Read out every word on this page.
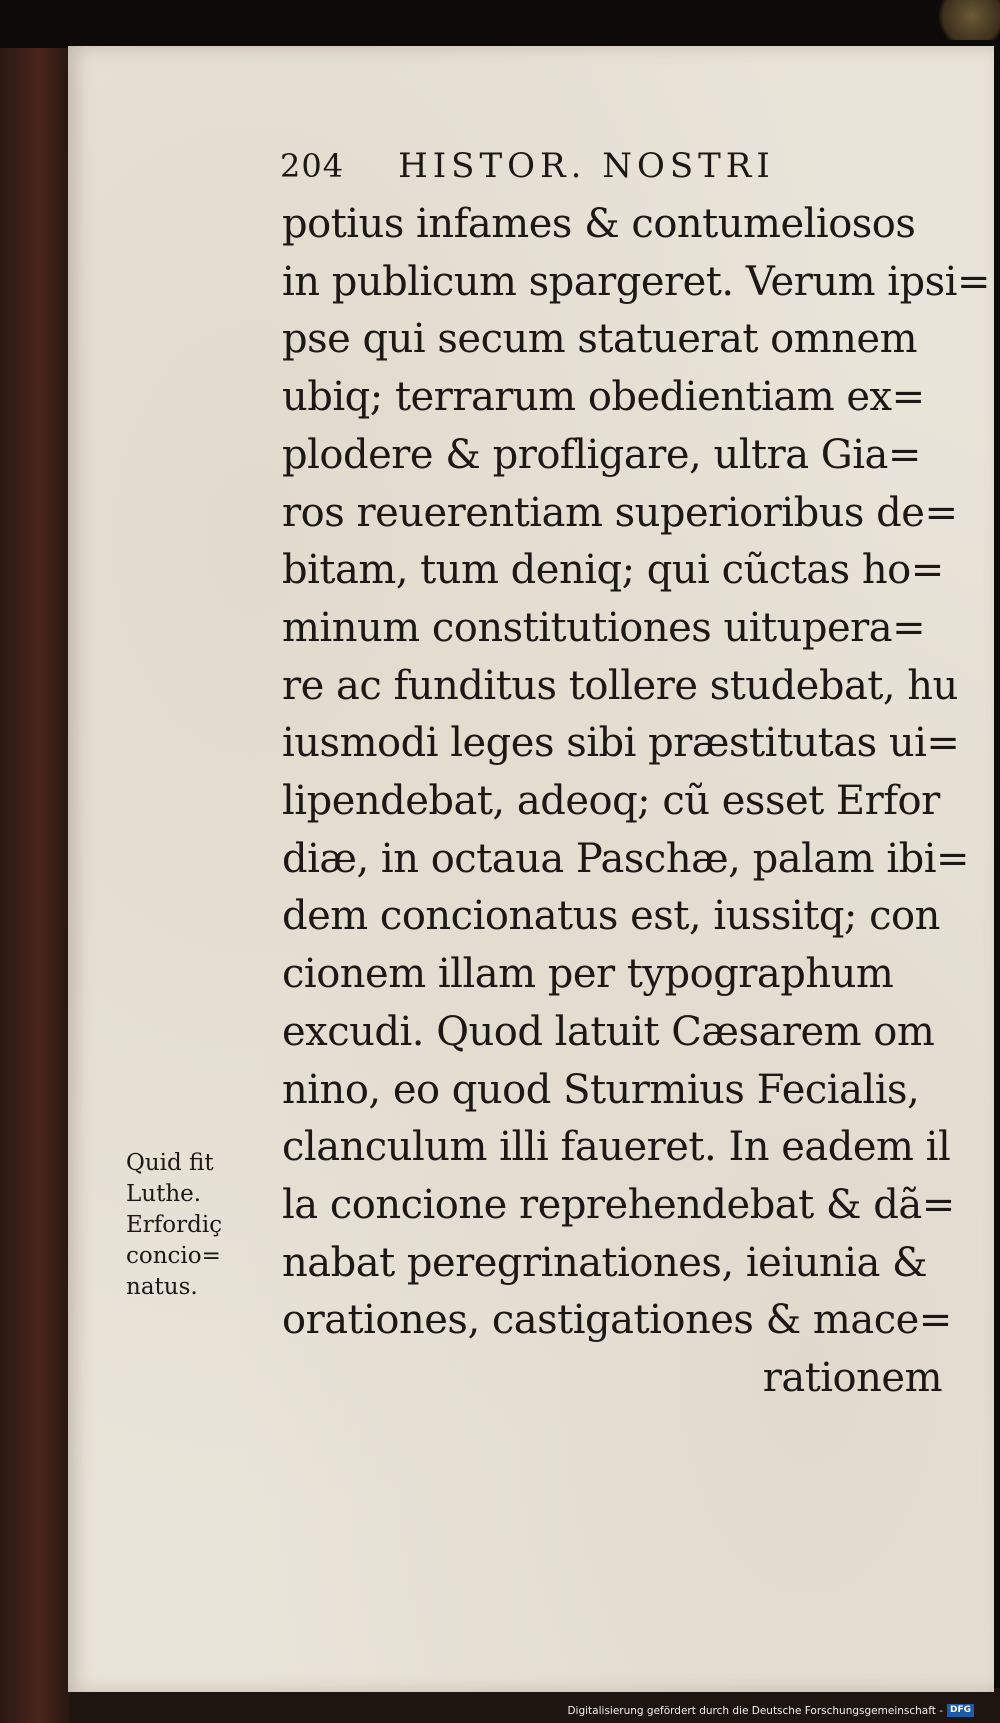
204 HISTOR. NOSTRI
potius infames & contumeliosos
in publicum spargeret. Verum ipsi=
pse qui secum statuerat omnem
ubiq; terrarum obedientiam ex=
plodere & profligare, ultra Gia=
ros reuerentiam superioribus de=
bitam, tum deniq; qui cũctas ho=
minum constitutiones uitupera=
re ac funditus tollere studebat, hu
iusmodi leges sibi præstitutas ui=
lipendebat, adeoq; cũ esset Erfor
diæ, in octaua Paschæ, palam ibi=
dem concionatus est, iussitq; con
cionem illam per typographum
excudi. Quod latuit Cæsarem om
nino, eo quod Sturmius Fecialis,
clanculum illi faueret. In eadem il
la concione reprehendebat & dã=
nabat peregrinationes, ieiunia &
orationes, castigationes & mace=
rationem
Quid fit
Luthe.
Erfordiç
concio=
natus.
Digitalisierung gefördert durch die Deutsche Forschungsgemeinschaft - DFG
